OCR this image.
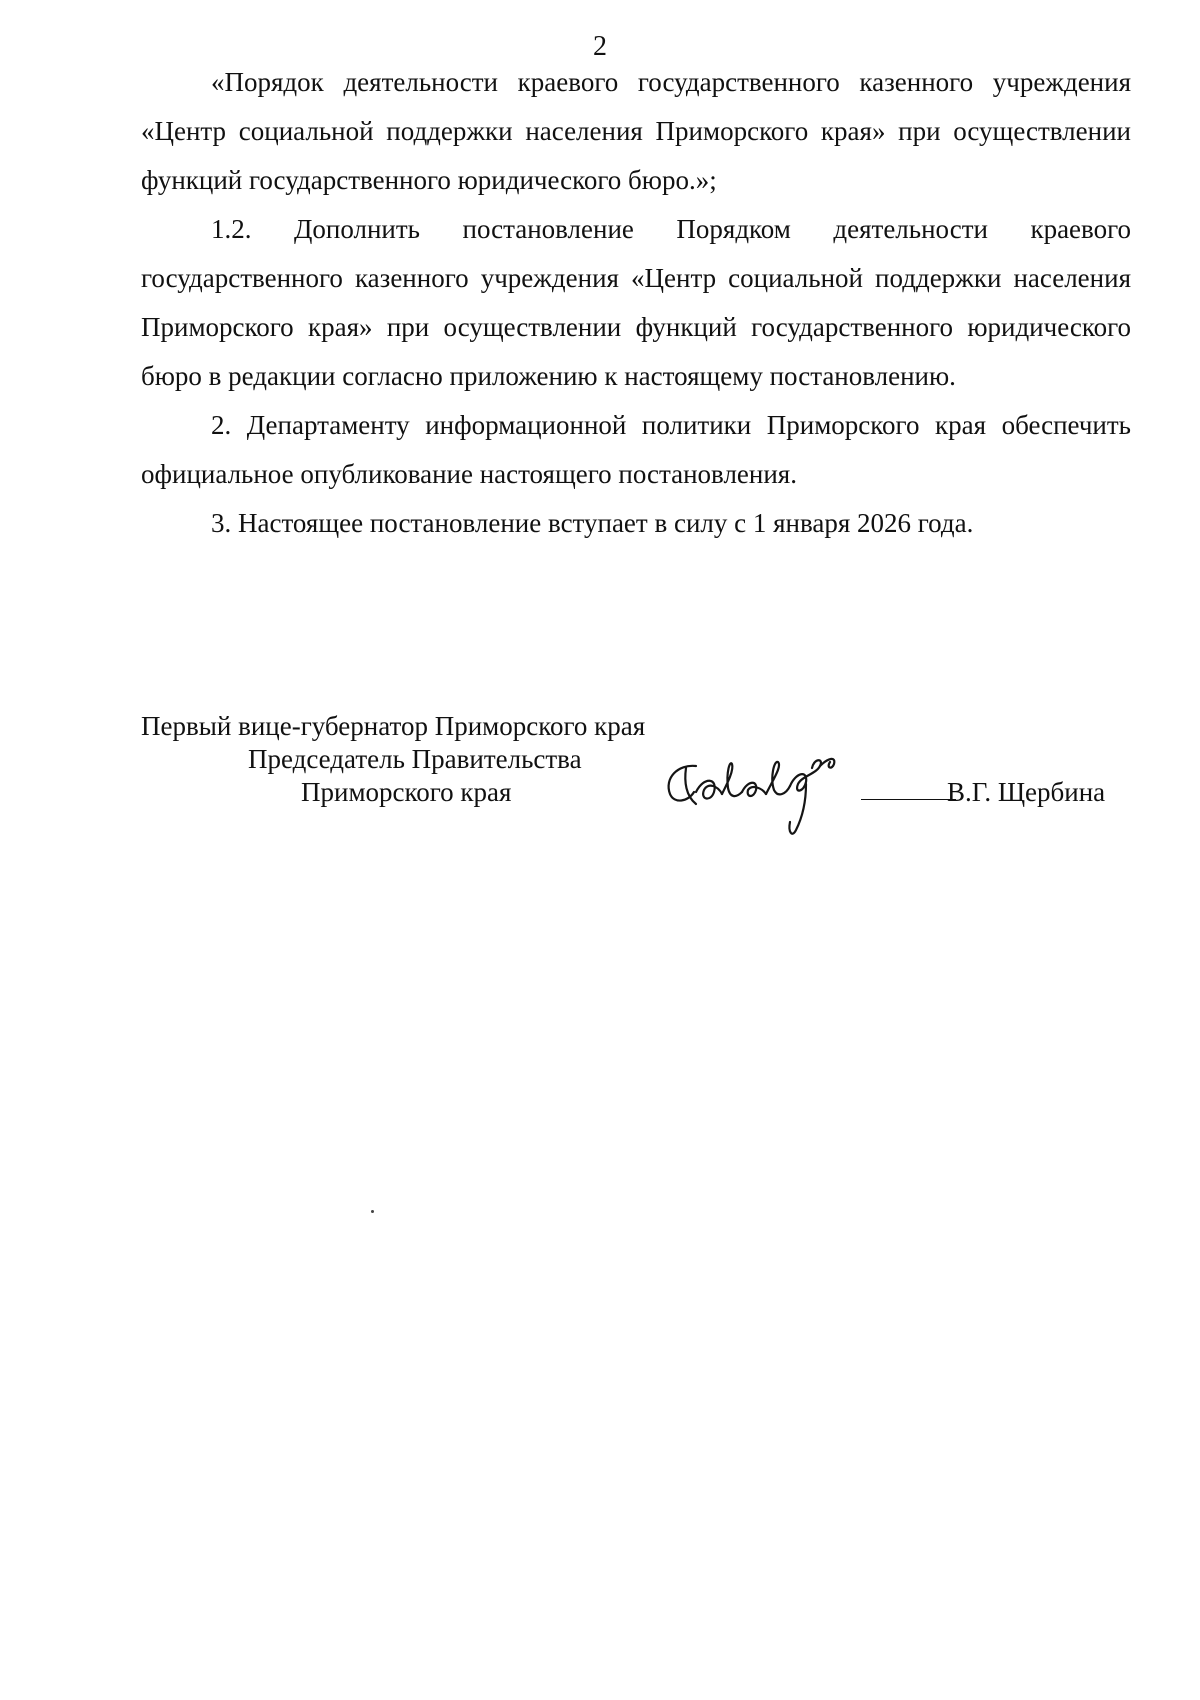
2

«Порядок деятельности краевого государственного казенного учреждения «Центр социальной поддержки населения Приморского края» при осуществлении функций государственного юридического бюро.»;

1.2. Дополнить постановление Порядком деятельности краевого государственного казенного учреждения «Центр социальной поддержки населения Приморского края» при осуществлении функций государственного юридического бюро в редакции согласно приложению к настоящему постановлению.

2. Департаменту информационной политики Приморского края обеспечить официальное опубликование настоящего постановления.

3. Настоящее постановление вступает в силу с 1 января 2026 года.

Первый вице-губернатор Приморского края
Председатель Правительства
Приморского края	В.Г. Щербина
